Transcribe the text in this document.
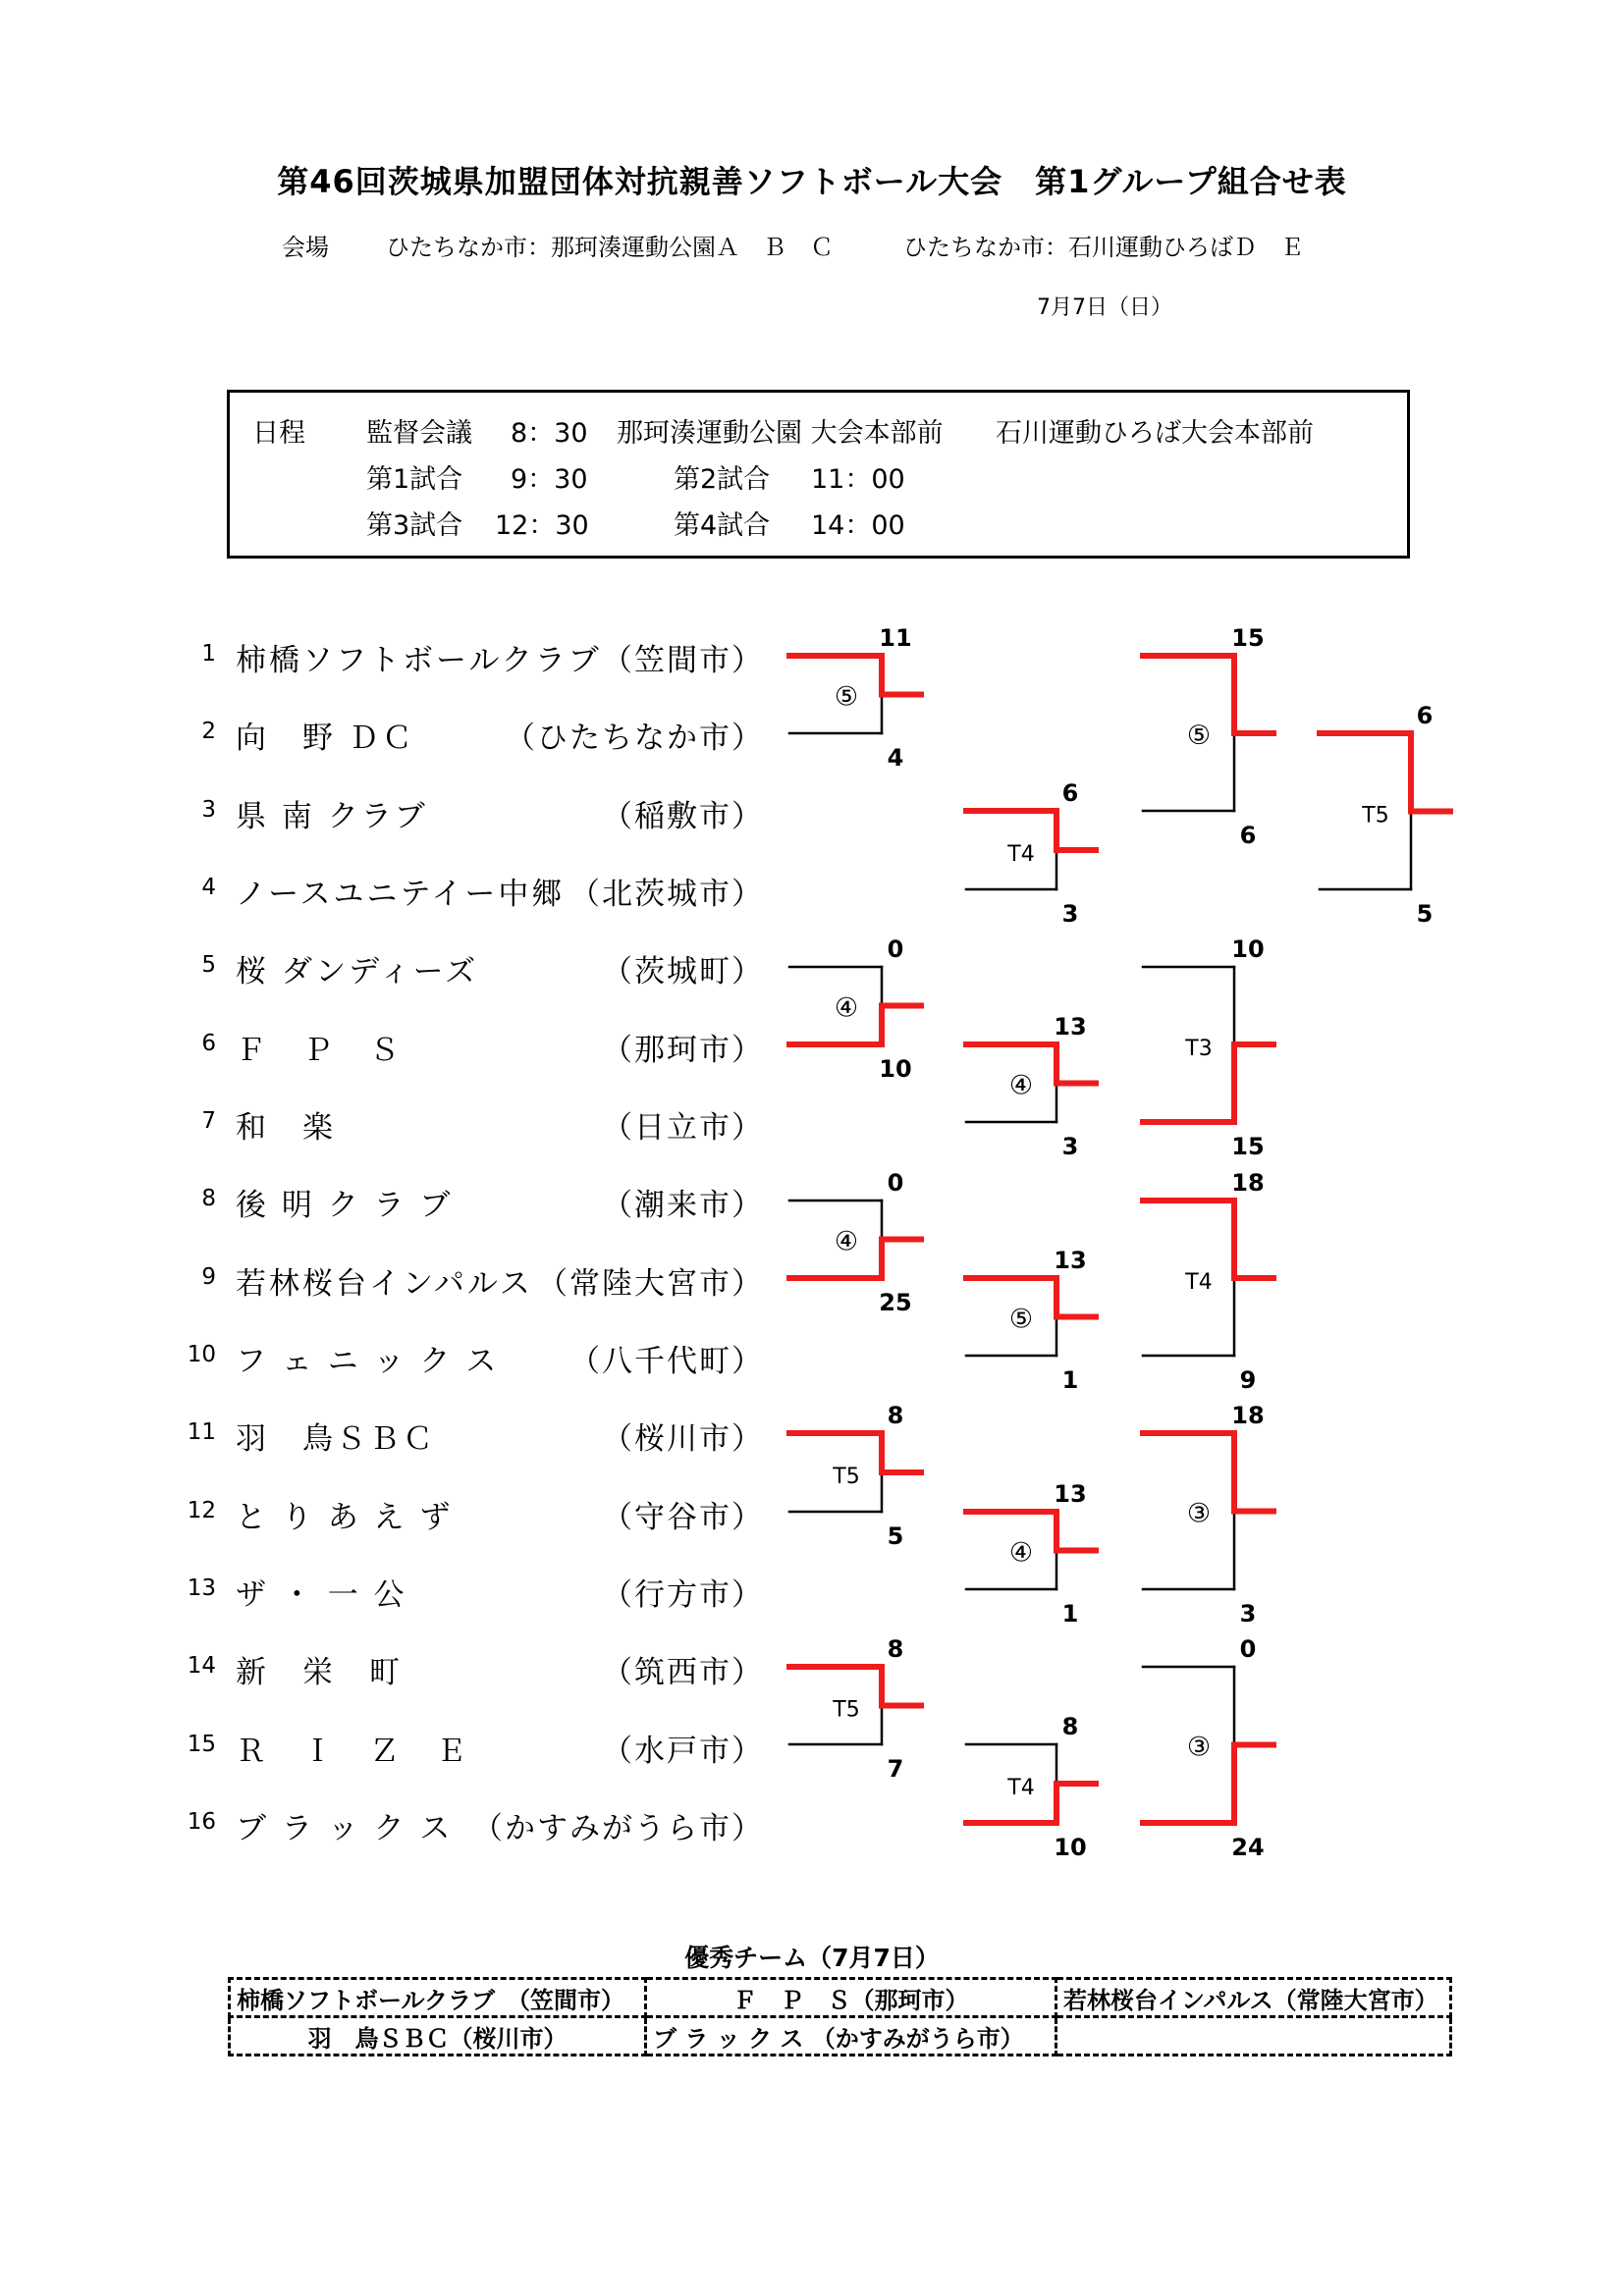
第46回茨城県加盟団体対抗親善ソフトボール大会　第1グループ組合せ表
会場 ひたちなか市：那珂湊運動公園Ａ　Ｂ　Ｃ	ひたちなか市：石川運動ひろばＤ　Ｅ
7月7日（日）
日程 監督会議 8：30 那珂湊運動公園 大会本部前 石川運動ひろば大会本部前
第1試合 9：30	第2試合 11：00
第3試合 12：30	第4試合 14：00
1 柿橋ソフトボールクラブ （笠間市）
2 向　野 ＤＣ	（ひたちなか市）
3 県 南 クラブ	（稲敷市）
4 ノースユニテイー中郷 （北茨城市）
5 桜 ダンディーズ	（茨城町）
6 Ｆ　Ｐ　Ｓ	（那珂市）
7 和　楽	（日立市）
8 後 明 ク ラ ブ	（潮来市）
9 若林桜台インパルス （常陸大宮市）
10 フ ェ ニ ッ ク ス	（八千代町）
11 羽　鳥ＳＢＣ	（桜川市）
12 と り あ え ず	（守谷市）
13 ザ ・ 一 公	（行方市）
14 新　栄　町	（筑西市）
15 Ｒ　Ｉ　Ｚ　Ｅ	（水戸市）
16 ブ ラ ッ ク ス （かすみがうら市）
11
4
⑤
15
6
⑤
6
5
T5
6
3
T4
0
10
④
13
3
④
10
15
T3
0
25
④
13
1
⑤
18
9
T4
8
5
T5
13
1
④
18
3
③
8
7
T5
8
10
T4
0
24
③
優秀チーム（7月7日）
柿橋ソフトボールクラブ　（笠間市）	Ｆ　Ｐ　Ｓ（那珂市）	若林桜台インパルス（常陸大宮市）
羽　鳥ＳＢＣ（桜川市）	ブ ラ ッ ク ス （かすみがうら市）	
